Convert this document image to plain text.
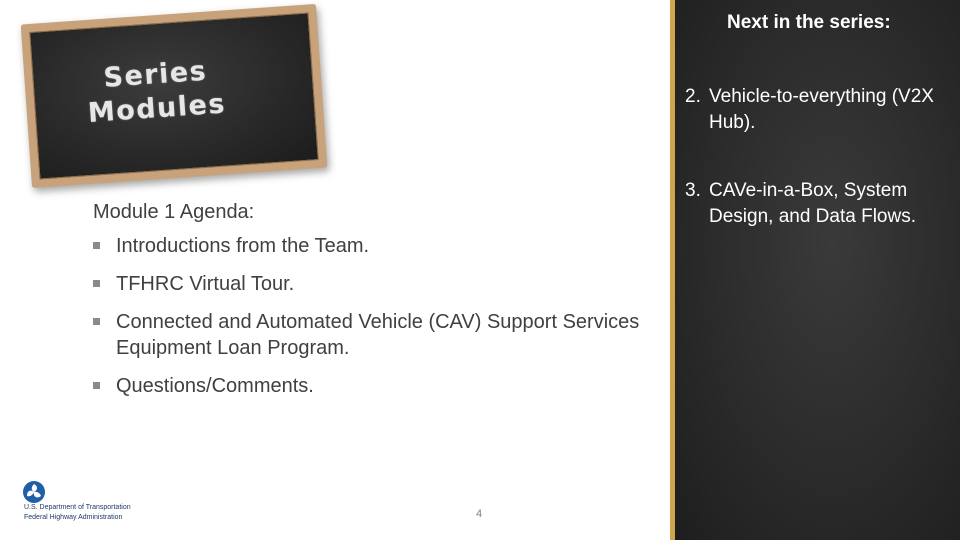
Series
Modules
Module 1 Agenda:
Introductions from the Team.
TFHRC Virtual Tour.
Connected and Automated Vehicle (CAV) Support Services Equipment Loan Program.
Questions/Comments.
Next in the series:
2. Vehicle-to-everything (V2X Hub).
3. CAVe-in-a-Box, System Design, and Data Flows.
U.S. Department of Transportation
Federal Highway Administration	4
